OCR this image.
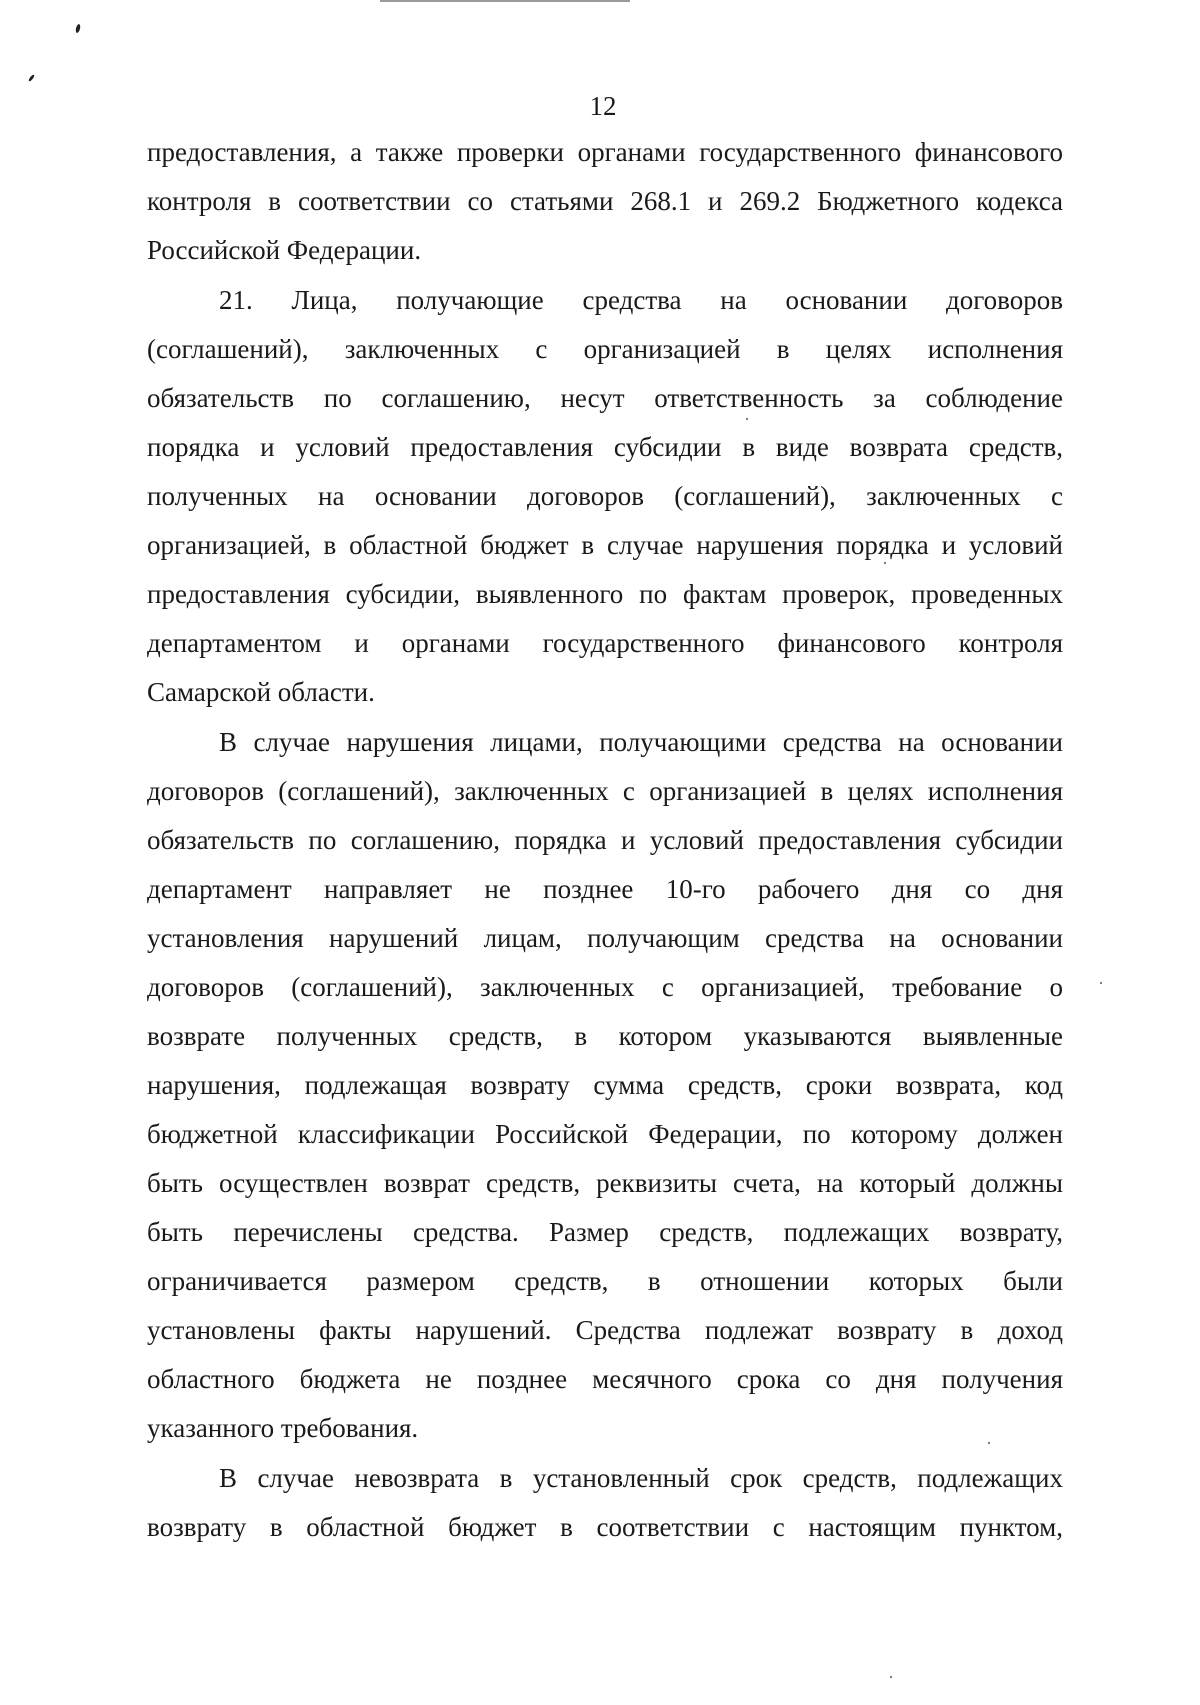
12
предоставления, а также проверки органами государственного финансового
контроля в соответствии со статьями 268.1 и 269.2 Бюджетного кодекса
Российской Федерации.
21. Лица, получающие средства на основании договоров
(соглашений), заключенных с организацией в целях исполнения
обязательств по соглашению, несут ответственность за соблюдение
порядка и условий предоставления субсидии в виде возврата средств,
полученных на основании договоров (соглашений), заключенных с
организацией, в областной бюджет в случае нарушения порядка и условий
предоставления субсидии, выявленного по фактам проверок, проведенных
департаментом и органами государственного финансового контроля
Самарской области.
В случае нарушения лицами, получающими средства на основании
договоров (соглашений), заключенных с организацией в целях исполнения
обязательств по соглашению, порядка и условий предоставления субсидии
департамент направляет не позднее 10-го рабочего дня со дня
установления нарушений лицам, получающим средства на основании
договоров (соглашений), заключенных с организацией, требование о
возврате полученных средств, в котором указываются выявленные
нарушения, подлежащая возврату сумма средств, сроки возврата, код
бюджетной классификации Российской Федерации, по которому должен
быть осуществлен возврат средств, реквизиты счета, на который должны
быть перечислены средства. Размер средств, подлежащих возврату,
ограничивается размером средств, в отношении которых были
установлены факты нарушений. Средства подлежат возврату в доход
областного бюджета не позднее месячного срока со дня получения
указанного требования.
В случае невозврата в установленный срок средств, подлежащих
возврату в областной бюджет в соответствии с настоящим пунктом,
